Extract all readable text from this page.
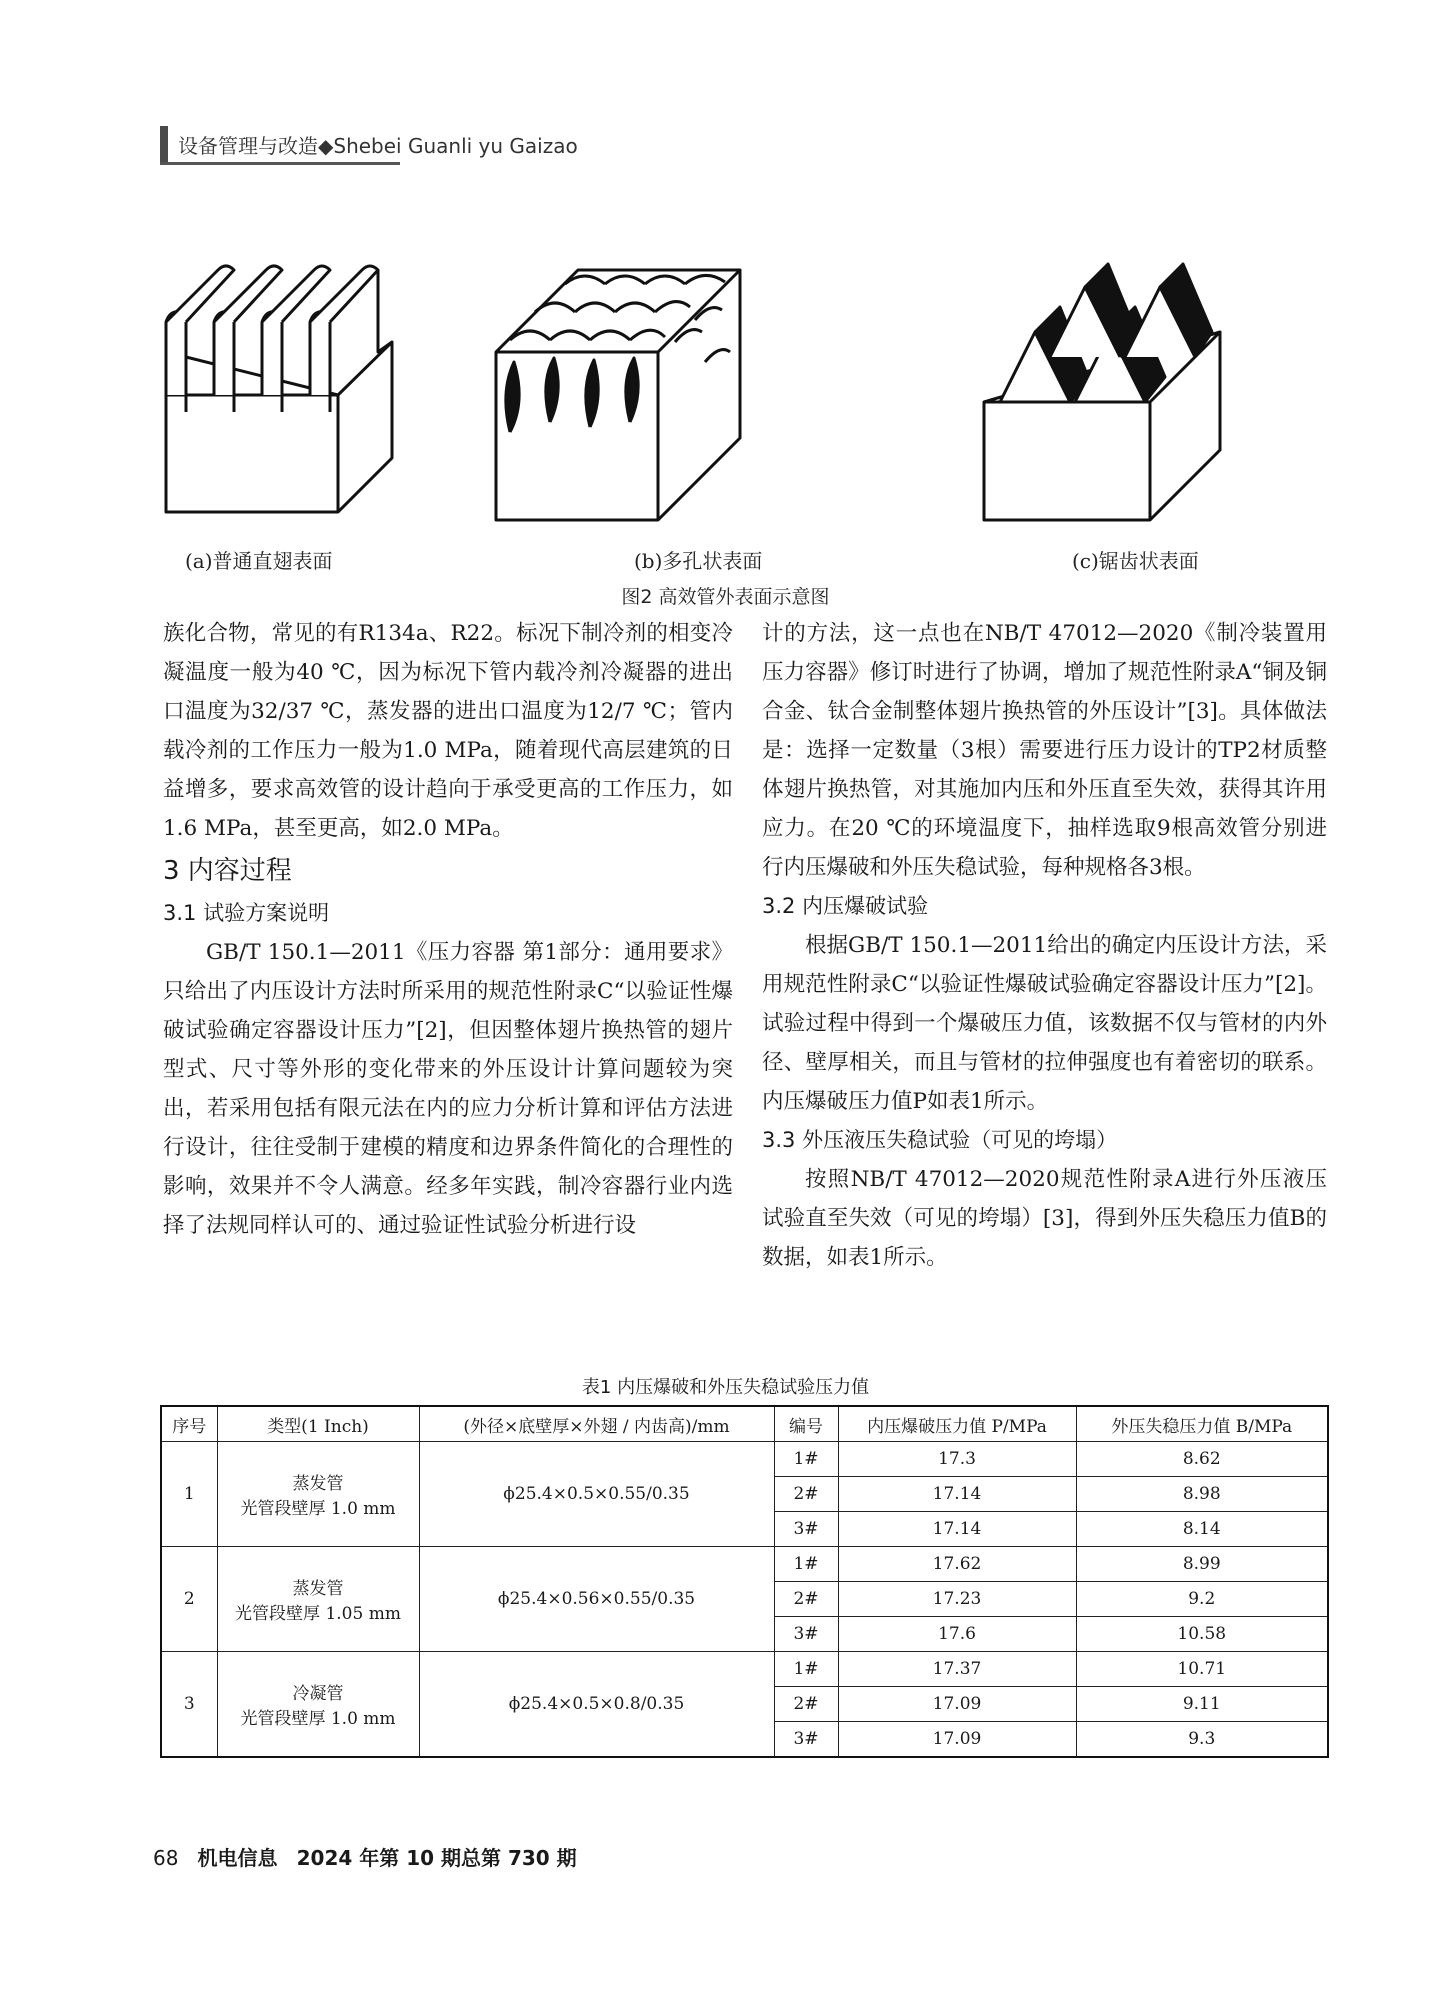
设备管理与改造◆Shebei Guanli yu Gaizao
(a)普通直翅表面	(b)多孔状表面	(c)锯齿状表面
图2 高效管外表面示意图

族化合物，常见的有R134a、R22。标况下制冷剂的相变冷凝温度一般为40 ℃，因为标况下管内载冷剂冷凝器的进出口温度为32/37 ℃，蒸发器的进出口温度为12/7 ℃；管内载冷剂的工作压力一般为1.0 MPa，随着现代高层建筑的日益增多，要求高效管的设计趋向于承受更高的工作压力，如1.6 MPa，甚至更高，如2.0 MPa。

3 内容过程

3.1 试验方案说明

GB/T 150.1—2011《压力容器 第1部分：通用要求》只给出了内压设计方法时所采用的规范性附录C“以验证性爆破试验确定容器设计压力”[2]，但因整体翅片换热管的翅片型式、尺寸等外形的变化带来的外压设计计算问题较为突出，若采用包括有限元法在内的应力分析计算和评估方法进行设计，往往受制于建模的精度和边界条件简化的合理性的影响，效果并不令人满意。经多年实践，制冷容器行业内选择了法规同样认可的、通过验证性试验分析进行设

计的方法，这一点也在NB/T 47012—2020《制冷装置用压力容器》修订时进行了协调，增加了规范性附录A“铜及铜合金、钛合金制整体翅片换热管的外压设计”[3]。具体做法是：选择一定数量（3根）需要进行压力设计的TP2材质整体翅片换热管，对其施加内压和外压直至失效，获得其许用应力。在20 ℃的环境温度下，抽样选取9根高效管分别进行内压爆破和外压失稳试验，每种规格各3根。

3.2 内压爆破试验

根据GB/T 150.1—2011给出的确定内压设计方法，采用规范性附录C“以验证性爆破试验确定容器设计压力”[2]。试验过程中得到一个爆破压力值，该数据不仅与管材的内外径、壁厚相关，而且与管材的拉伸强度也有着密切的联系。内压爆破压力值P如表1所示。

3.3 外压液压失稳试验（可见的垮塌）

按照NB/T 47012—2020规范性附录A进行外压液压试验直至失效（可见的垮塌）[3]，得到外压失稳压力值B的数据，如表1所示。

表1 内压爆破和外压失稳试验压力值
序号	类型(1 Inch)	(外径×底壁厚×外翅 / 内齿高)/mm	编号	内压爆破压力值 P/MPa	外压失稳压力值 B/MPa
1	蒸发管
光管段壁厚 1.0 mm	ϕ25.4×0.5×0.55/0.35	1#	17.3	8.62
			2#	17.14	8.98
			3#	17.14	8.14
2	蒸发管
光管段壁厚 1.05 mm	ϕ25.4×0.56×0.55/0.35	1#	17.62	8.99
			2#	17.23	9.2
			3#	17.6	10.58
3	冷凝管
光管段壁厚 1.0 mm	ϕ25.4×0.5×0.8/0.35	1#	17.37	10.71
			2#	17.09	9.11
			3#	17.09	9.3
68 机电信息 2024 年第 10 期总第 730 期
